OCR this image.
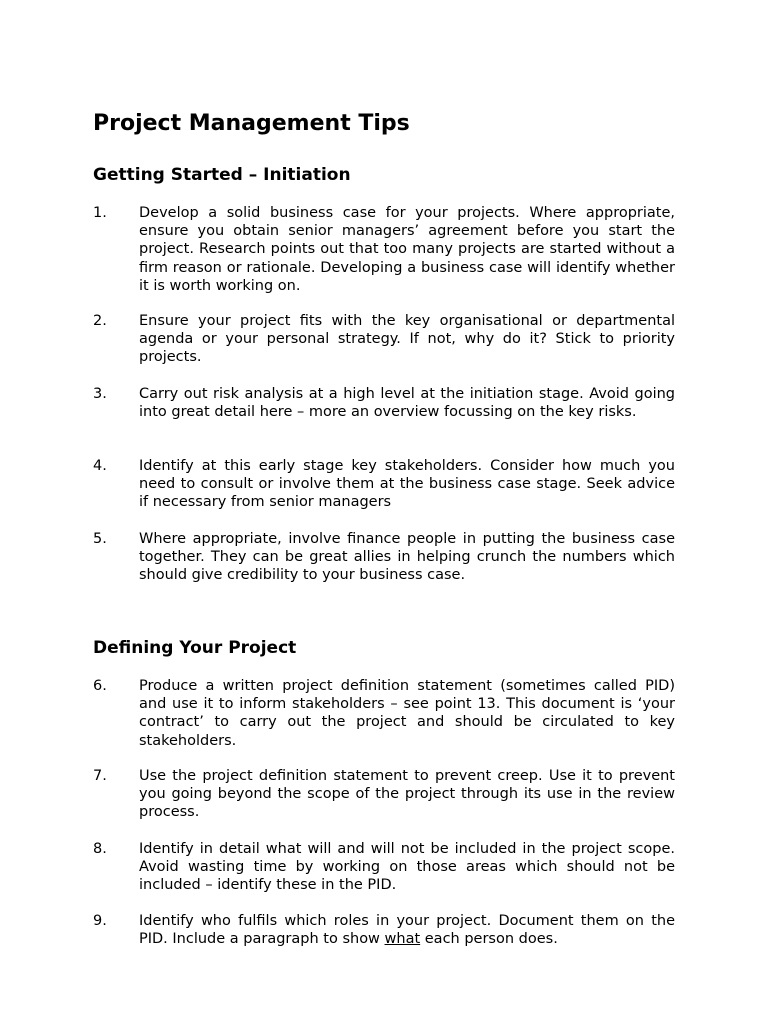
Project Management Tips
Getting Started – Initiation
1. Develop a solid business case for your projects. Where appropriate, ensure you obtain senior managers’ agreement before you start the project. Research points out that too many projects are started without a firm reason or rationale. Developing a business case will identify whether it is worth working on.
2. Ensure your project fits with the key organisational or departmental agenda or your personal strategy. If not, why do it? Stick to priority projects.
3. Carry out risk analysis at a high level at the initiation stage. Avoid going into great detail here – more an overview focussing on the key risks.
4. Identify at this early stage key stakeholders. Consider how much you need to consult or involve them at the business case stage. Seek advice if necessary from senior managers
5. Where appropriate, involve finance people in putting the business case together. They can be great allies in helping crunch the numbers which should give credibility to your business case.
Defining Your Project
6. Produce a written project definition statement (sometimes called PID) and use it to inform stakeholders – see point 13. This document is ‘your contract’ to carry out the project and should be circulated to key stakeholders.
7. Use the project definition statement to prevent creep. Use it to prevent you going beyond the scope of the project through its use in the review process.
8. Identify in detail what will and will not be included in the project scope. Avoid wasting time by working on those areas which should not be included – identify these in the PID.
9. Identify who fulfils which roles in your project. Document them on the PID. Include a paragraph to show what each person does.
